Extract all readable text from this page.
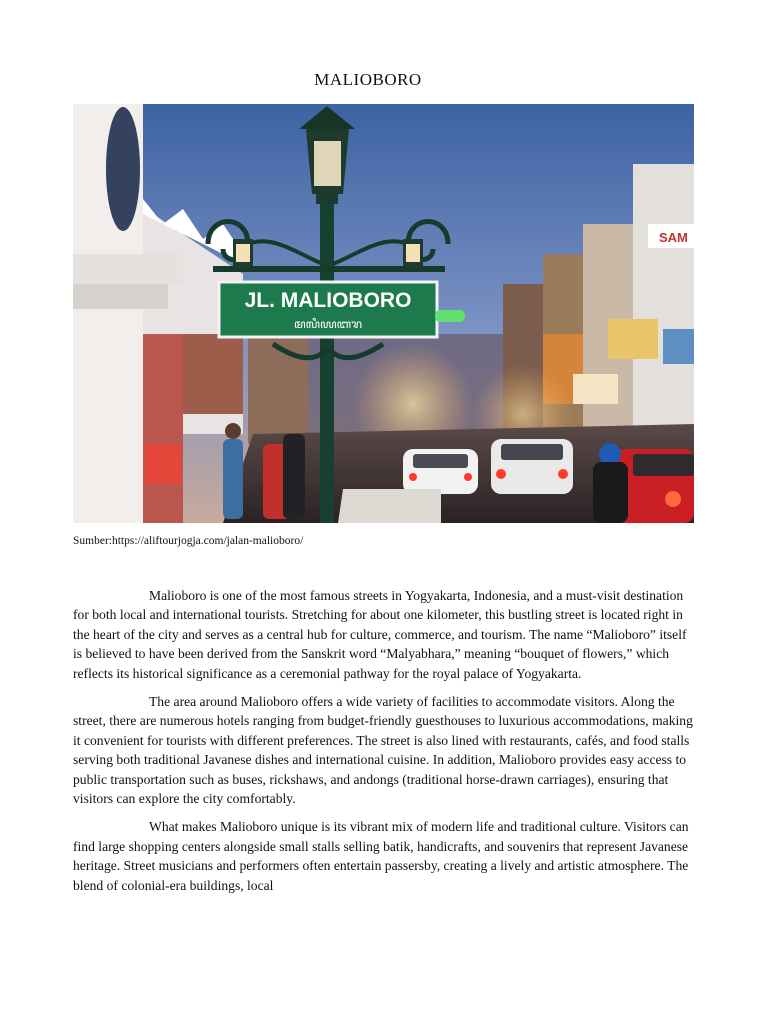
MALIOBORO
SAM
JL. MALIOBORO
ꦩꦭꦶꦪꦧꦫ
Sumber:https://aliftourjogja.com/jalan-malioboro/

Malioboro is one of the most famous streets in Yogyakarta, Indonesia, and a must-visit destination for both local and international tourists. Stretching for about one kilometer, this bustling street is located right in the heart of the city and serves as a central hub for culture, commerce, and tourism. The name “Malioboro” itself is believed to have been derived from the Sanskrit word “Malyabhara,” meaning “bouquet of flowers,” which reflects its historical significance as a ceremonial pathway for the royal palace of Yogyakarta.

The area around Malioboro offers a wide variety of facilities to accommodate visitors. Along the street, there are numerous hotels ranging from budget-friendly guesthouses to luxurious accommodations, making it convenient for tourists with different preferences. The street is also lined with restaurants, cafés, and food stalls serving both traditional Javanese dishes and international cuisine. In addition, Malioboro provides easy access to public transportation such as buses, rickshaws, and andongs (traditional horse-drawn carriages), ensuring that visitors can explore the city comfortably.

What makes Malioboro unique is its vibrant mix of modern life and traditional culture. Visitors can find large shopping centers alongside small stalls selling batik, handicrafts, and souvenirs that represent Javanese heritage. Street musicians and performers often entertain passersby, creating a lively and artistic atmosphere. The blend of colonial-era buildings, local
